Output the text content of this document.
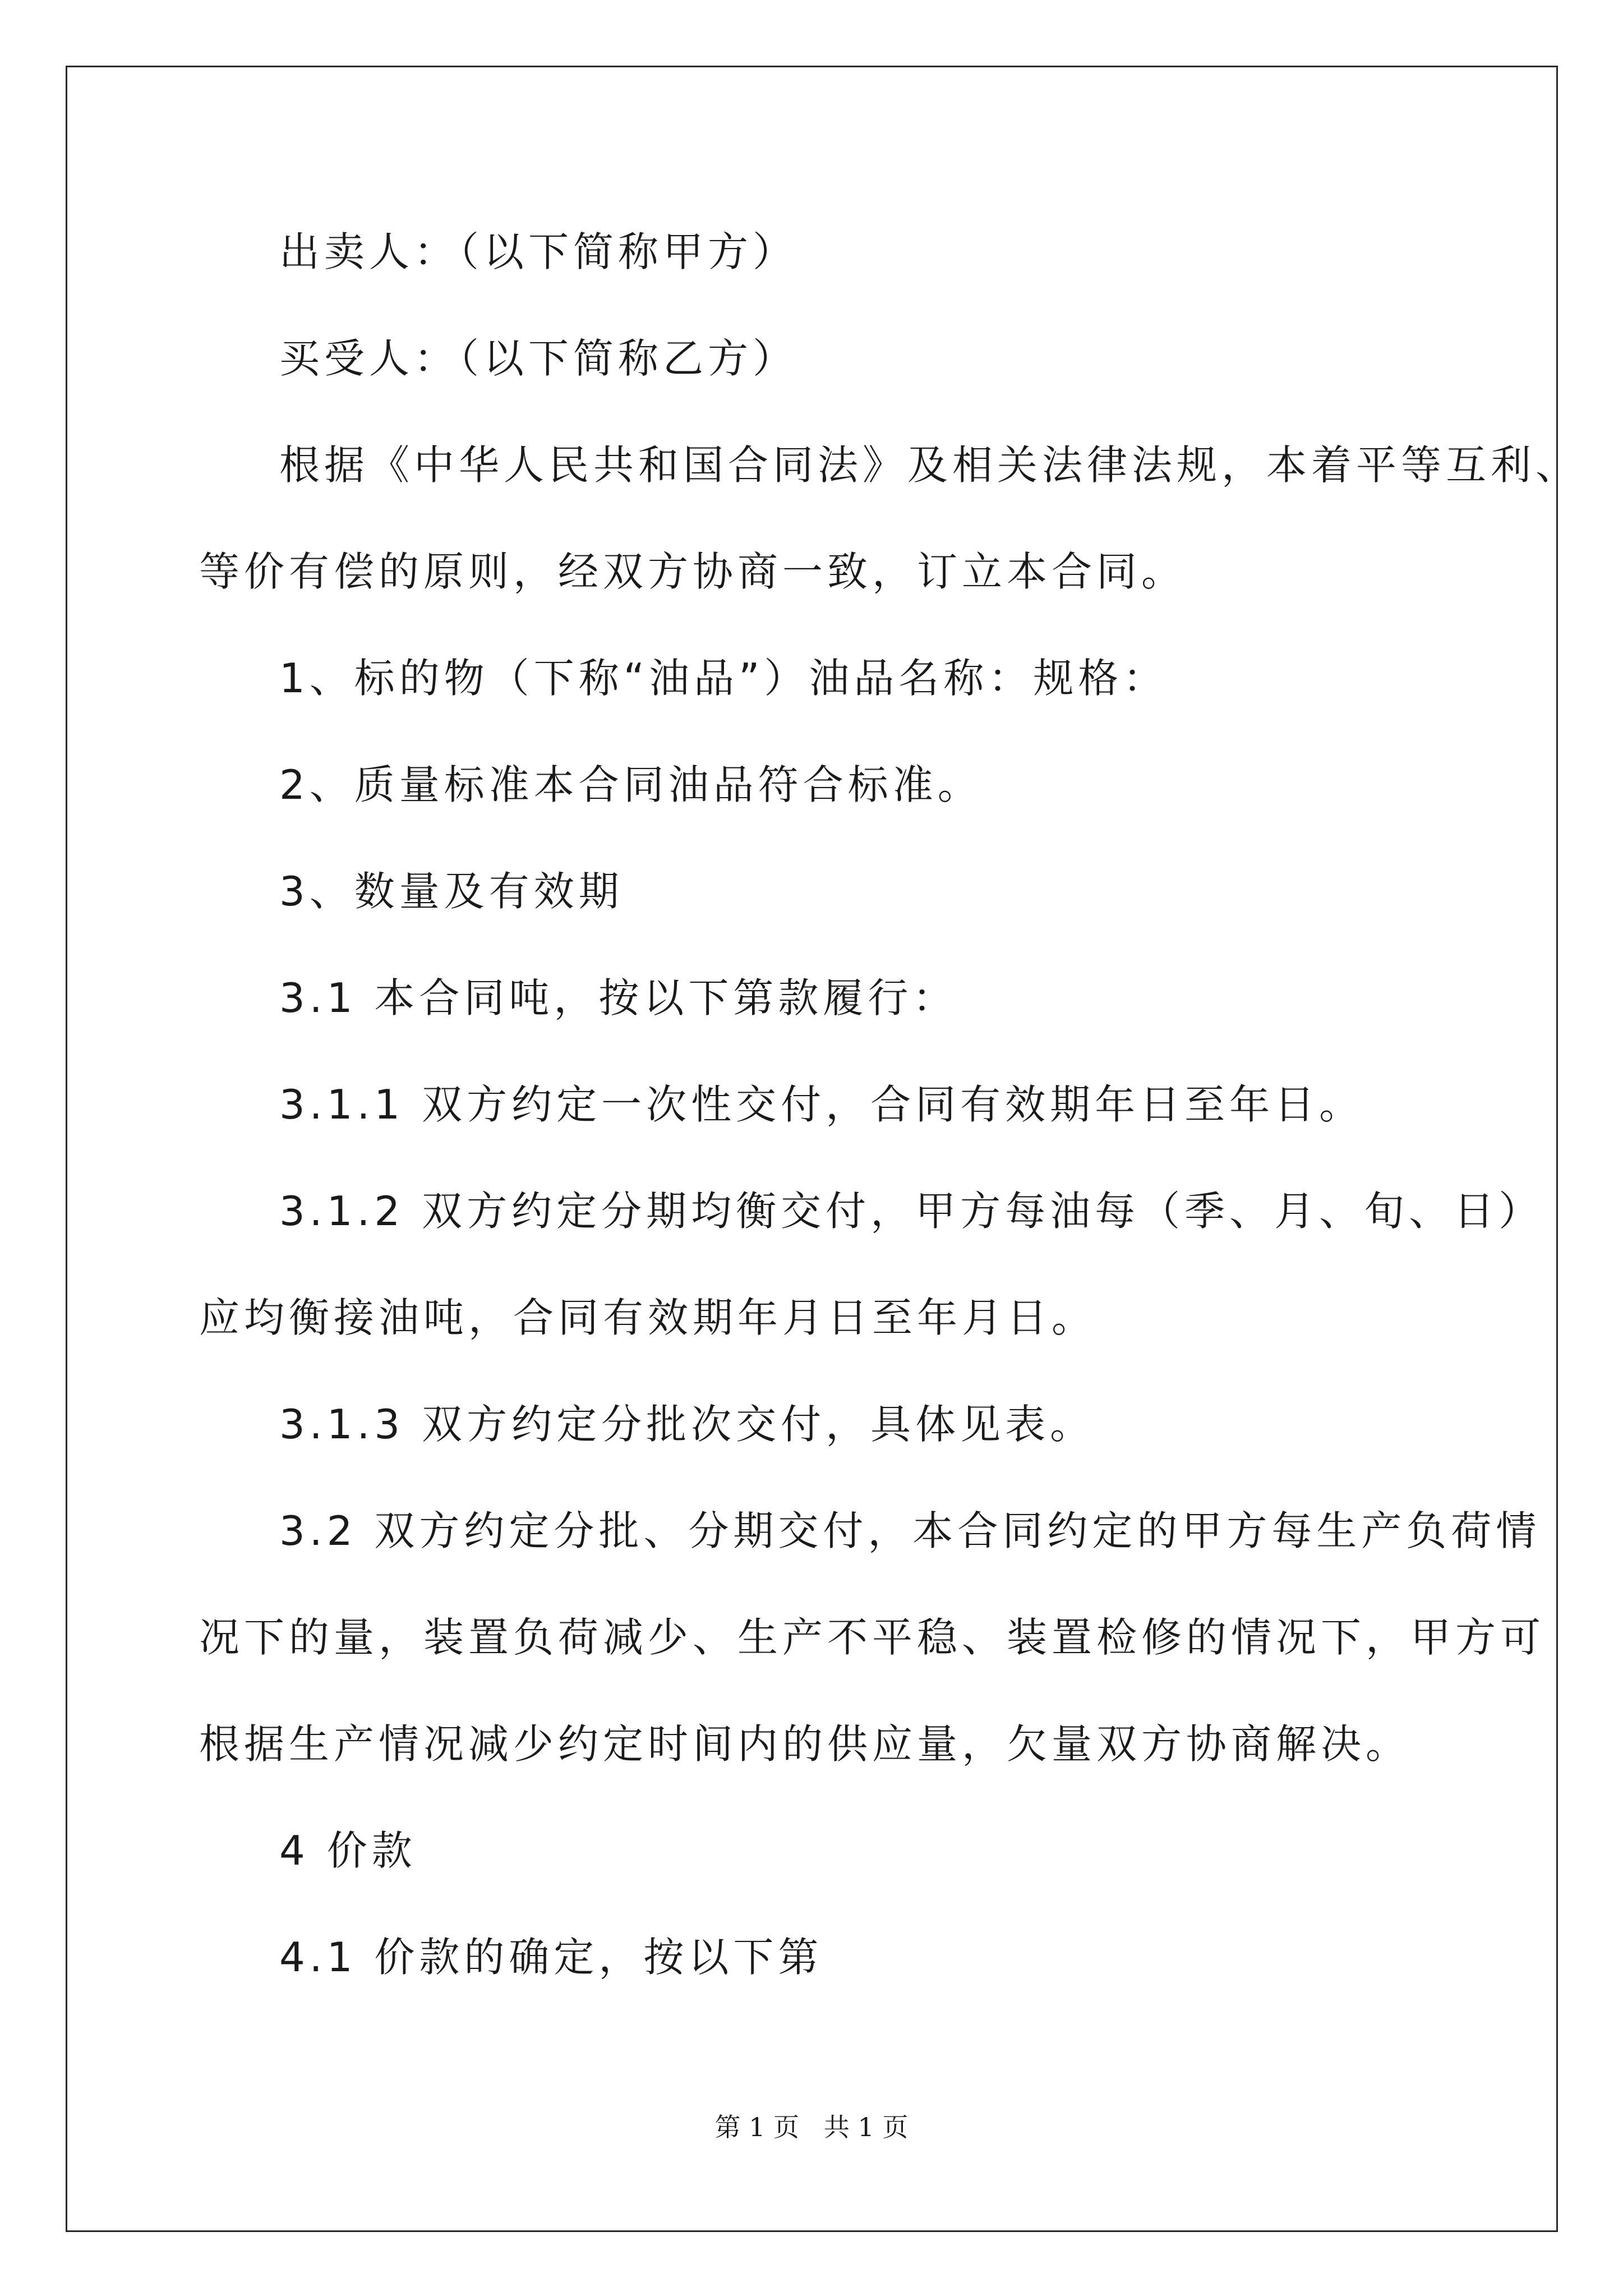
出卖人：（以下简称甲方）

买受人：（以下简称乙方）

根据《中华人民共和国合同法》及相关法律法规，本着平等互利、

等价有偿的原则，经双方协商一致，订立本合同。

1、标的物（下称“油品”）油品名称：规格：

2、质量标准本合同油品符合标准。

3、数量及有效期

3.1 本合同吨，按以下第款履行：

3.1.1 双方约定一次性交付，合同有效期年日至年日。

3.1.2 双方约定分期均衡交付，甲方每油每（季、月、旬、日）

应均衡接油吨，合同有效期年月日至年月日。

3.1.3 双方约定分批次交付，具体见表。

3.2 双方约定分批、分期交付，本合同约定的甲方每生产负荷情

况下的量，装置负荷减少、生产不平稳、装置检修的情况下，甲方可

根据生产情况减少约定时间内的供应量，欠量双方协商解决。

4 价款

4.1 价款的确定，按以下第

第 1 页   共 1 页
